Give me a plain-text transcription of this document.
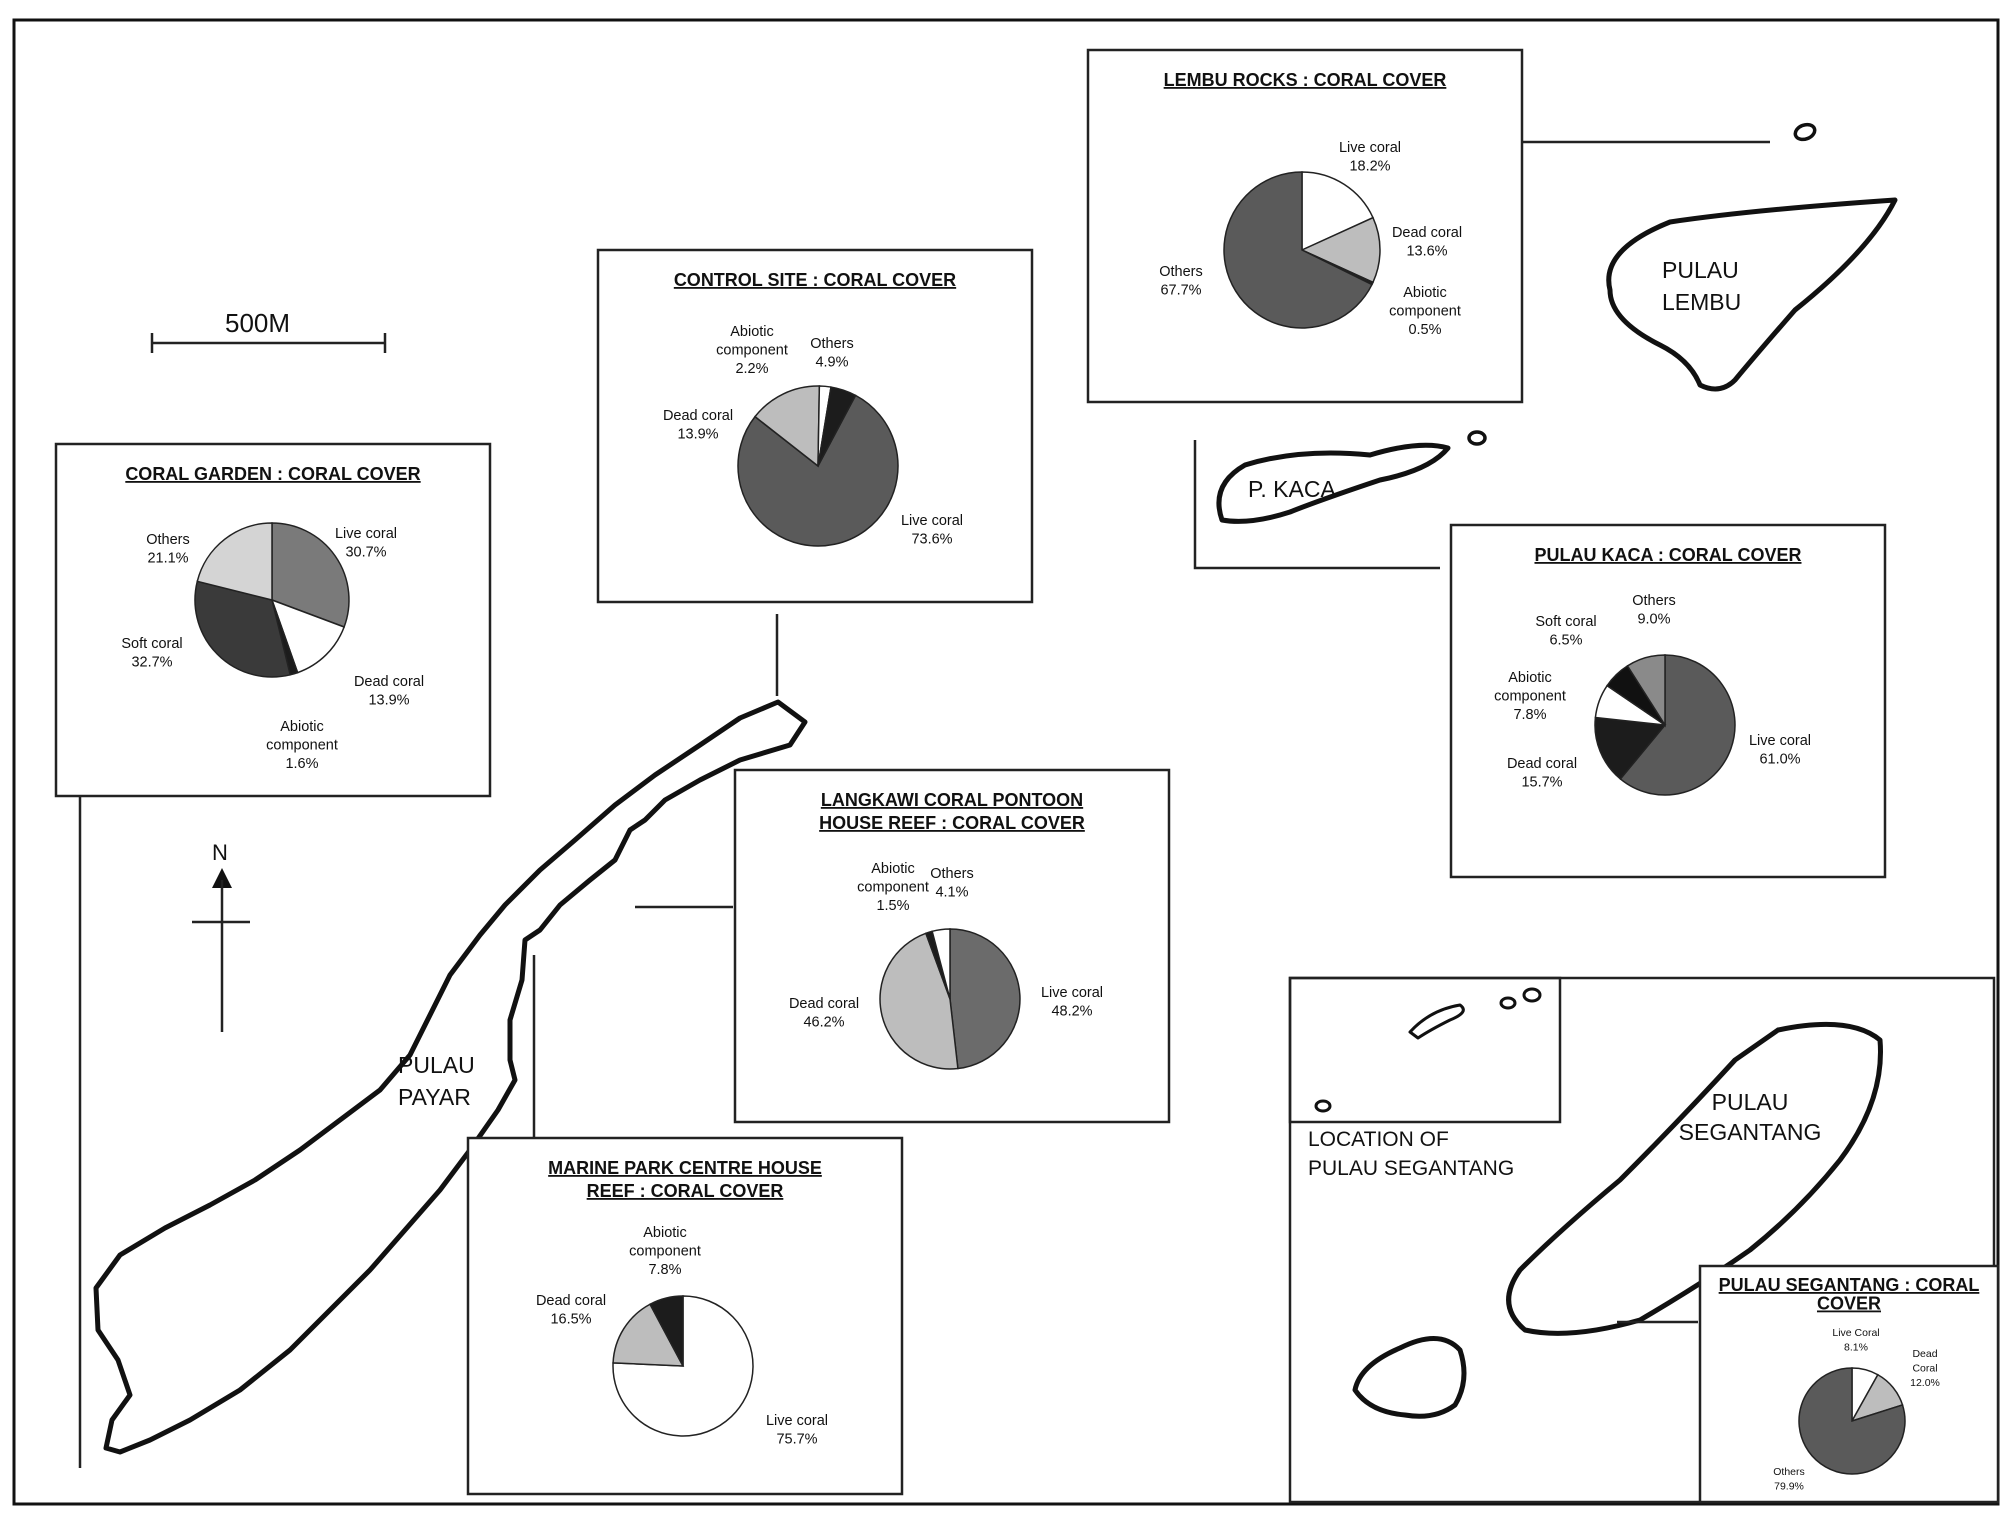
500M
N
PULAU PAYAR
PULAU LEMBU
P. KACA
PULAU SEGANTANG
LOCATION OF PULAU SEGANTANG
LEMBU ROCKS : CORAL COVER
Live coral 18.2%
Dead coral 13.6%
Abiotic component 0.5%
Others 67.7%
CONTROL SITE : CORAL COVER
Abiotic component 2.2%
Others 4.9%
Dead coral 13.9%
Live coral 73.6%
CORAL GARDEN : CORAL COVER
Others 21.1%
Live coral 30.7%
Soft coral 32.7%
Dead coral 13.9%
Abiotic component 1.6%
PULAU KACA : CORAL COVER
Others 9.0%
Soft coral 6.5%
Abiotic component 7.8%
Dead coral 15.7%
Live coral 61.0%
LANGKAWI CORAL PONTOON
HOUSE REEF : CORAL COVER
Abiotic component 1.5%
Others 4.1%
Dead coral 46.2%
Live coral 48.2%
MARINE PARK CENTRE HOUSE
REEF : CORAL COVER
Abiotic component 7.8%
Dead coral 16.5%
Live coral 75.7%
PULAU SEGANTANG : CORAL
COVER
Live Coral 8.1%
Dead Coral 12.0%
Others 79.9%
